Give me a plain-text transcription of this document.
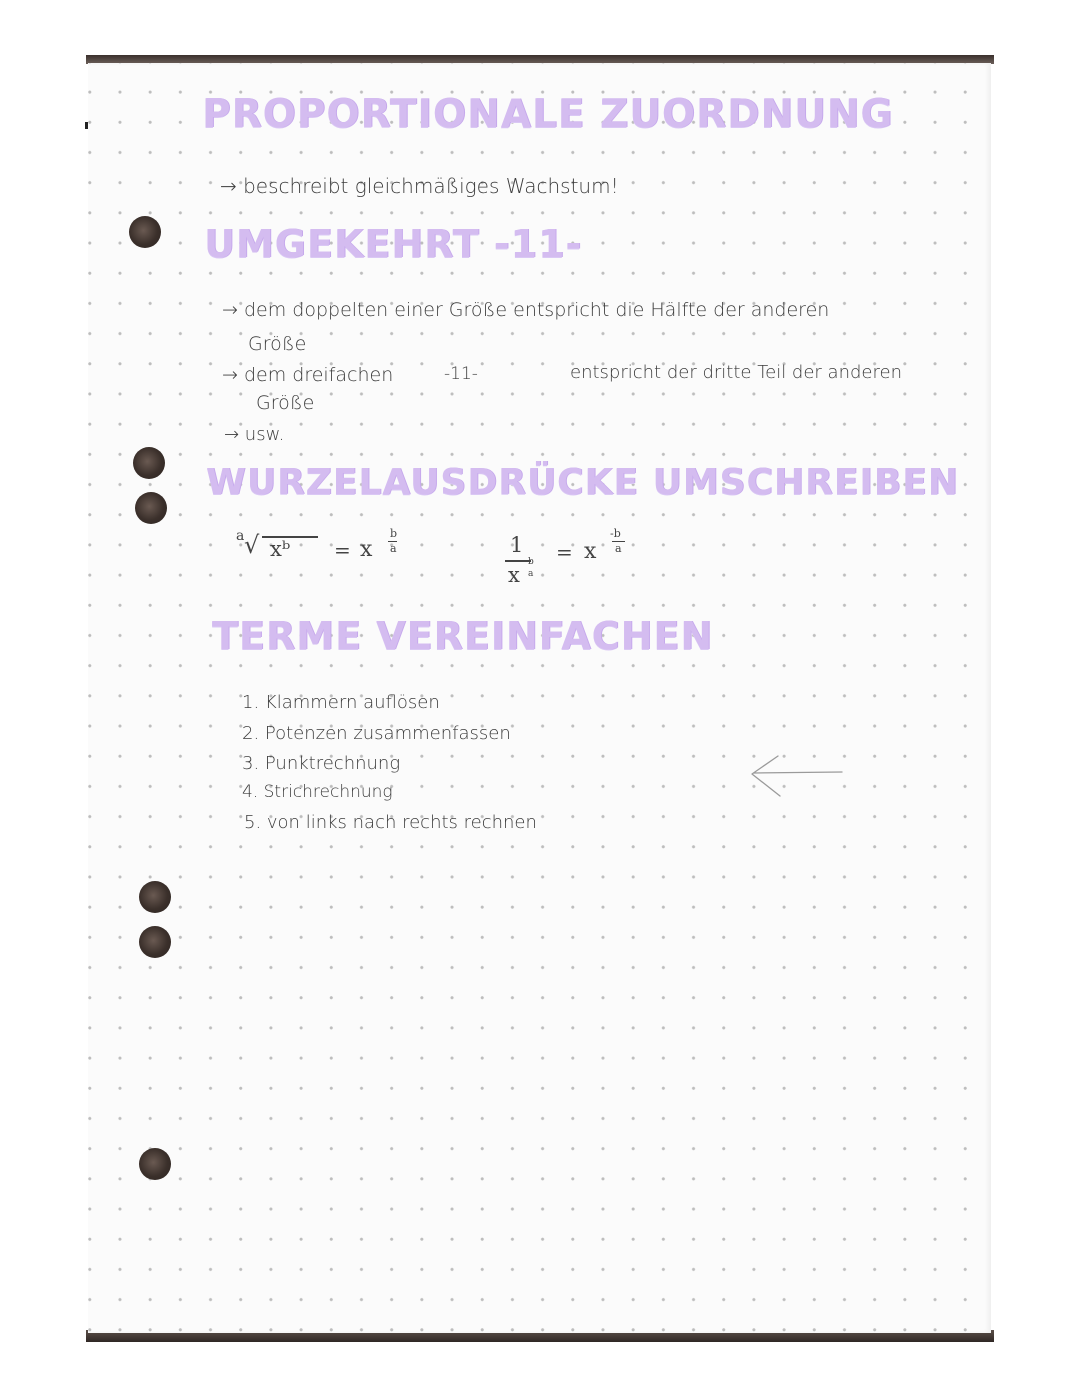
PROPORTIONALE ZUORDNUNG

→ beschreibt gleichmäßiges Wachstum!

UMGEKEHRT -11-

→ dem doppelten einer Größe entspricht die Hälfte der anderen

Größe

→ dem dreifachen	-11-	entspricht der dritte Teil der anderen

Größe

→ usw.

WURZELAUSDRÜCKE UMSCHREIBEN
a √ xᵇ = x
b
a	1
x
b
a
= x
-b
a
TERME VEREINFACHEN
1. Klammern auflösen
2. Potenzen zusammenfassen
3. Punktrechnung
4. Strichrechnung
5. von links nach rechts rechnen
